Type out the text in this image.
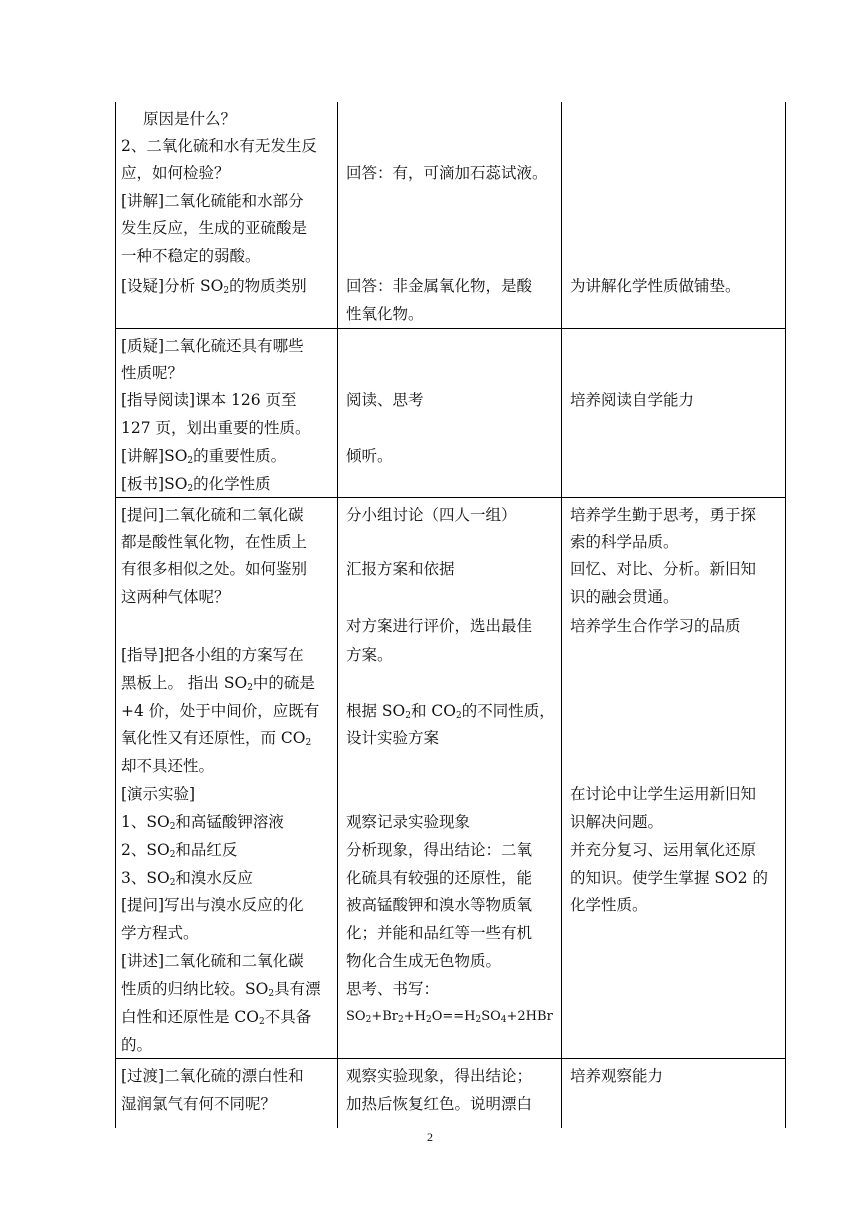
原因是什么？
2、二氧化硫和水有无发生反
应，如何检验？
[讲解]二氧化硫能和水部分
发生反应，生成的亚硫酸是
一种不稳定的弱酸。
[设疑]分析 $SO_2$的物质类别
回答：有，可滴加石蕊试液。
回答：非金属氧化物，是酸
性氧化物。
为讲解化学性质做铺垫。
[质疑]二氧化硫还具有哪些
性质呢？
[指导阅读]课本 126 页至
127 页，划出重要的性质。
[讲解]$SO_2$的重要性质。
[板书]$SO_2$的化学性质
阅读、思考
倾听。
培养阅读自学能力
[提问]二氧化硫和二氧化碳
都是酸性氧化物，在性质上
有很多相似之处。如何鉴别
这两种气体呢？
[指导]把各小组的方案写在
黑板上。 指出 $SO_2$中的硫是
+4 价，处于中间价，应既有
氧化性又有还原性，而 $CO_2$
却不具还性。
[演示实验]
1、$SO_2$和高锰酸钾溶液
2、$SO_2$和品红反
3、$SO_2$和溴水反应
[提问]写出与溴水反应的化
学方程式。
[讲述]二氧化硫和二氧化碳
性质的归纳比较。$SO_2$具有漂
白性和还原性是 $CO_2$不具备
的。
分小组讨论（四人一组）
汇报方案和依据
对方案进行评价，选出最佳
方案。
根据 $SO_2$和 $CO_2$的不同性质，
设计实验方案
观察记录实验现象
分析现象，得出结论：二氧
化硫具有较强的还原性，能
被高锰酸钾和溴水等物质氧
化；并能和品红等一些有机
物化合生成无色物质。
思考、书写：
$SO_2+Br_2+H_2O==H_2SO_4+2HBr$
培养学生勤于思考，勇于探
索的科学品质。
回忆、对比、分析。新旧知
识的融会贯通。
培养学生合作学习的品质
在讨论中让学生运用新旧知
识解决问题。
并充分复习、运用氧化还原
的知识。使学生掌握 SO2 的
化学性质。
[过渡]二氧化硫的漂白性和
湿润氯气有何不同呢？
观察实验现象，得出结论；
加热后恢复红色。说明漂白
培养观察能力
2
